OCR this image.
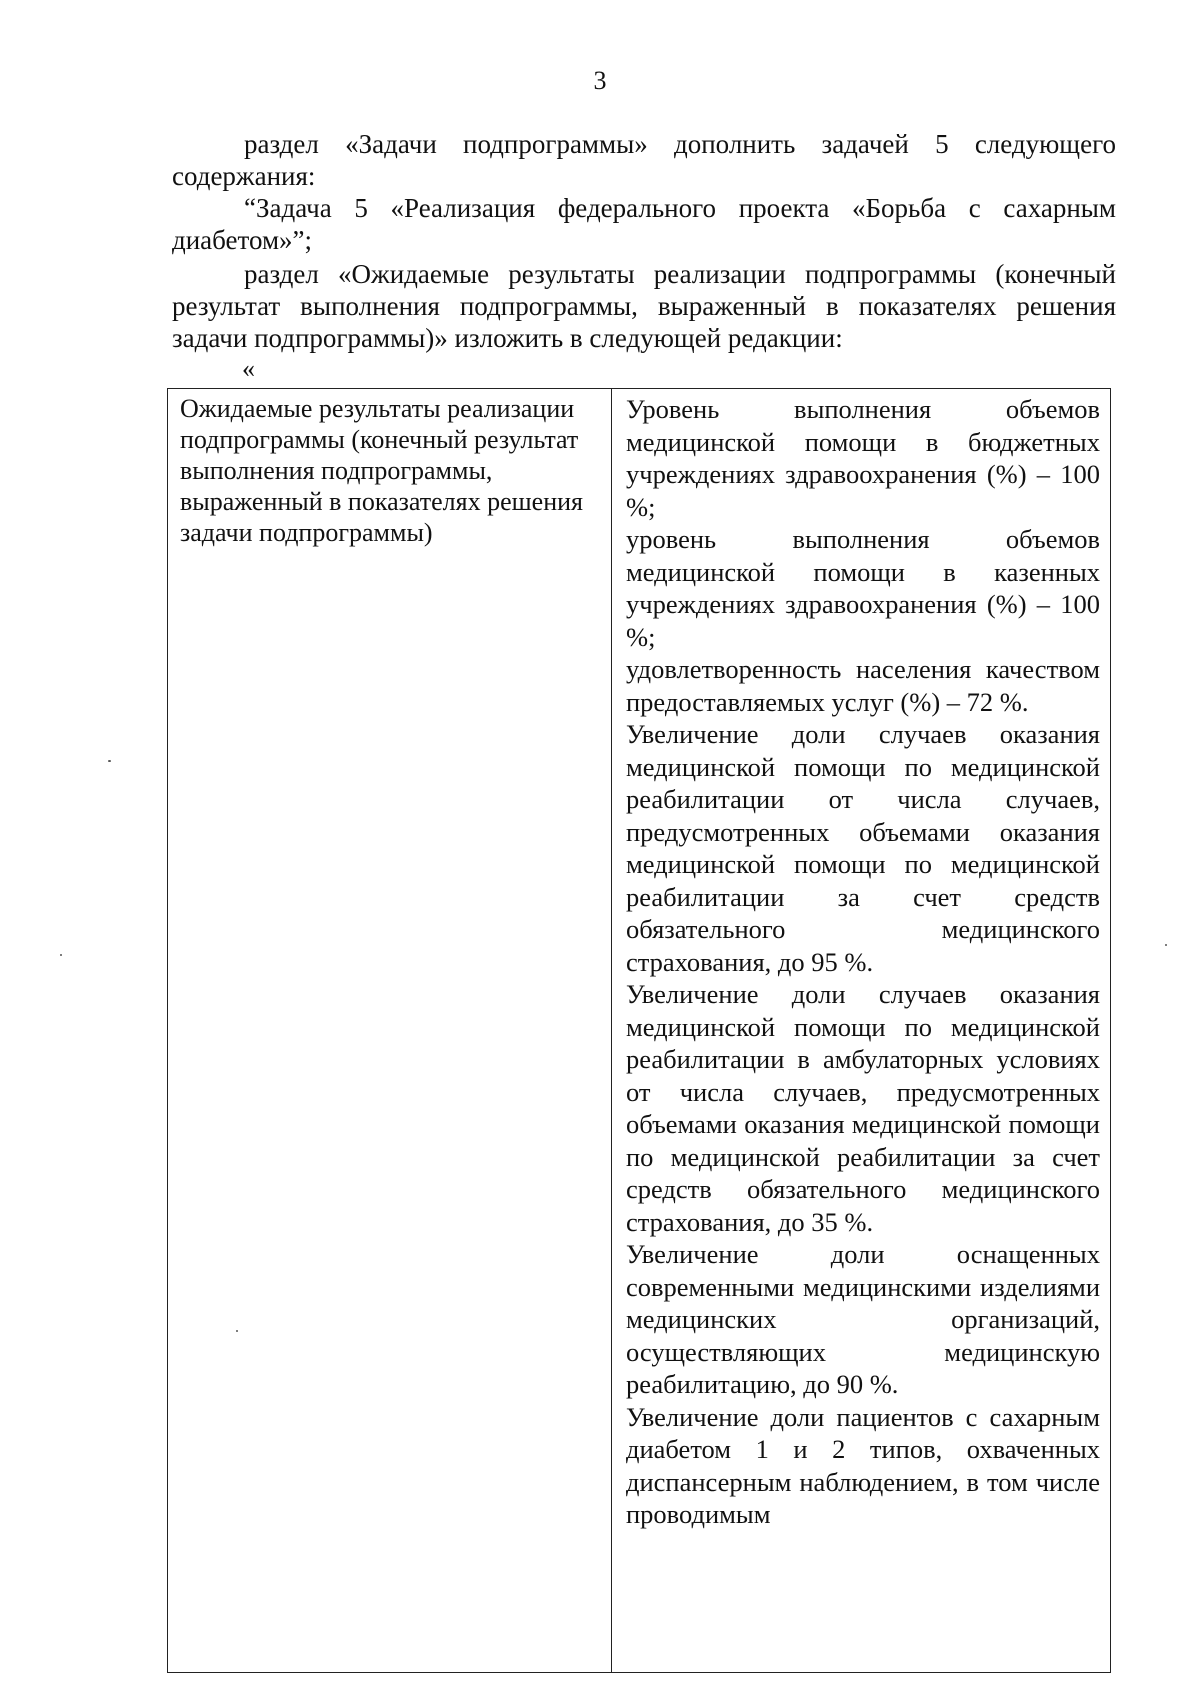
3

раздел «Задачи подпрограммы» дополнить задачей 5 следующего содержания:

“Задача 5 «Реализация федерального проекта «Борьба с сахарным диабетом»”;

раздел «Ожидаемые результаты реализации подпрограммы (конечный результат выполнения подпрограммы, выраженный в показателях решения задачи подпрограммы)» изложить в следующей редакции:

«
Ожидаемые результаты реализации подпрограммы (конечный результат выполнения подпрограммы, выраженный в показателях решения задачи подпрограммы)

Уровень выполнения объемов медицинской помощи в бюджетных учреждениях здравоохранения (%) – 100 %;

уровень выполнения объемов медицинской помощи в казенных учреждениях здравоохранения (%) – 100 %;

удовлетворенность населения качеством предоставляемых услуг (%) – 72 %.

Увеличение доли случаев оказания медицинской помощи по медицинской реабилитации от числа случаев, предусмотренных объемами оказания медицинской помощи по медицинской реабилитации за счет средств обязательного медицинского страхования, до 95 %.

Увеличение доли случаев оказания медицинской помощи по медицинской реабилитации в амбулаторных условиях от числа случаев, предусмотренных объемами оказания медицинской помощи по медицинской реабилитации за счет средств обязательного медицинского страхования, до 35 %.

Увеличение доли оснащенных современными медицинскими изделиями медицинских организаций, осуществляющих медицинскую реабилитацию, до 90 %.

Увеличение доли пациентов с сахарным диабетом 1 и 2 типов, охваченных диспансерным наблюдением, в том числе проводимым
